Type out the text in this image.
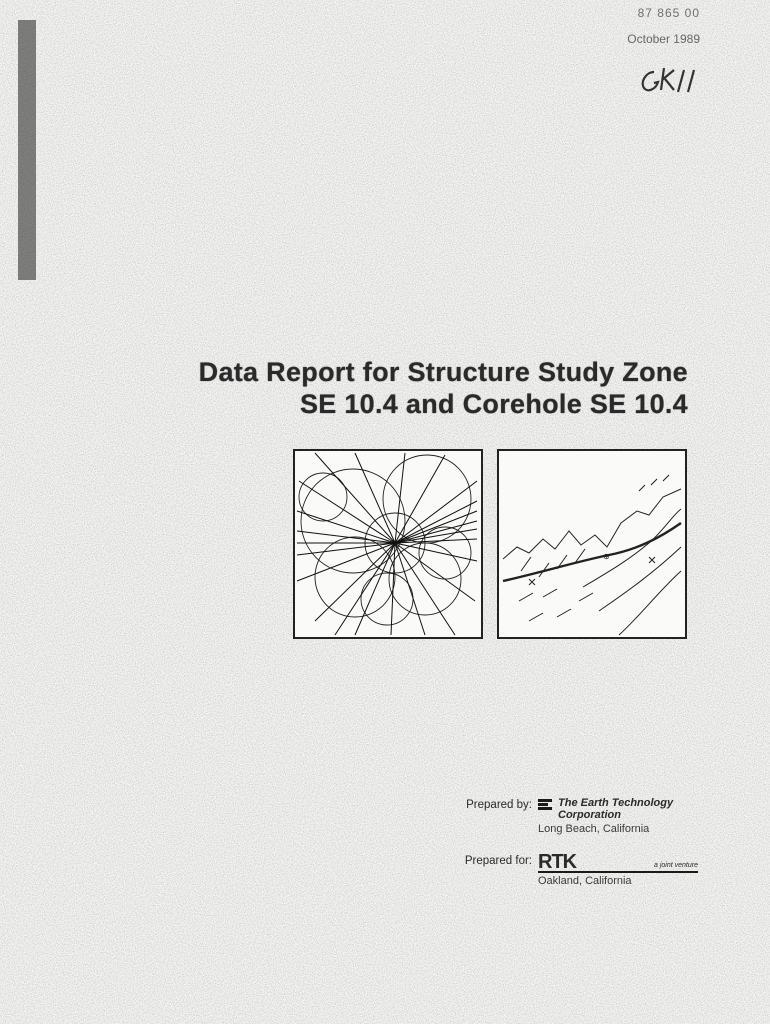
87 865 00
October 1989
Data Report for Structure Study Zone
SE 10.4 and Corehole SE 10.4
⊕
Prepared by:	The Earth Technology
Corporation
Long Beach, California
Prepared for: RTK	a joint venture
Oakland, California
